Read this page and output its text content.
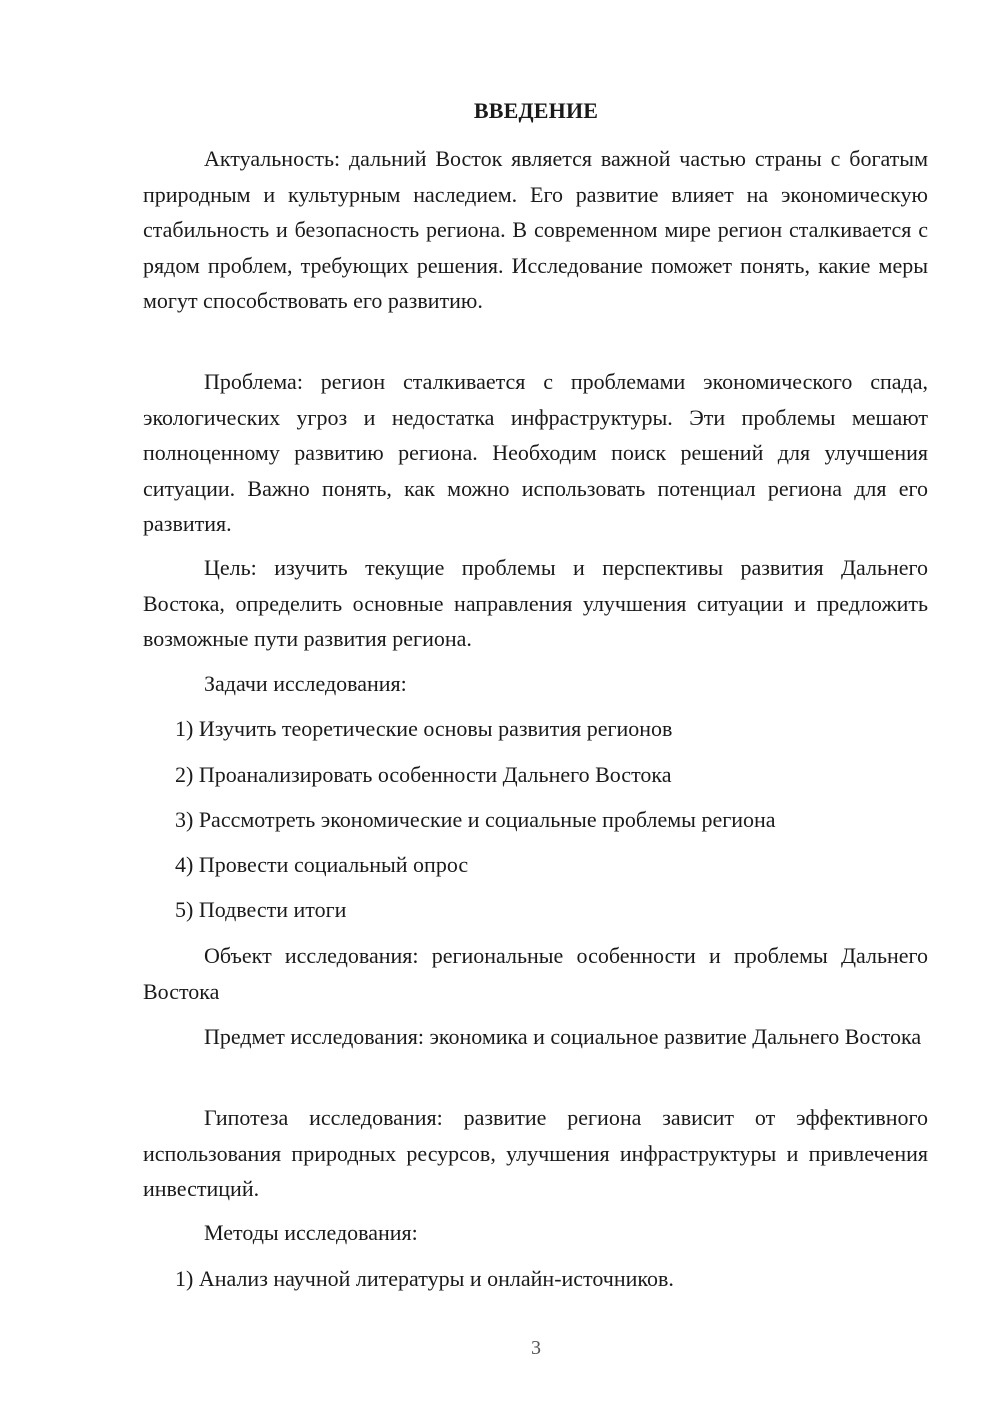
ВВЕДЕНИЕ
Актуальность: дальний Восток является важной частью страны с богатым природным и культурным наследием. Его развитие влияет на экономическую стабильность и безопасность региона. В современном мире регион сталкивается с рядом проблем, требующих решения. Исследование поможет понять, какие меры могут способствовать его развитию.
Проблема: регион сталкивается с проблемами экономического спада, экологических угроз и недостатка инфраструктуры. Эти проблемы мешают полноценному развитию региона. Необходим поиск решений для улучшения ситуации. Важно понять, как можно использовать потенциал региона для его развития.
Цель: изучить текущие проблемы и перспективы развития Дальнего Востока, определить основные направления улучшения ситуации и предложить возможные пути развития региона.
Задачи исследования:
1) Изучить теоретические основы развития регионов
2) Проанализировать особенности Дальнего Востока
3) Рассмотреть экономические и социальные проблемы региона
4) Провести социальный опрос
5) Подвести итоги
Объект исследования: региональные особенности и проблемы Дальнего Востока
Предмет исследования: экономика и социальное развитие Дальнего Востока
Гипотеза исследования: развитие региона зависит от эффективного использования природных ресурсов, улучшения инфраструктуры и привлечения инвестиций.
Методы исследования:
1) Анализ научной литературы и онлайн-источников.
3
